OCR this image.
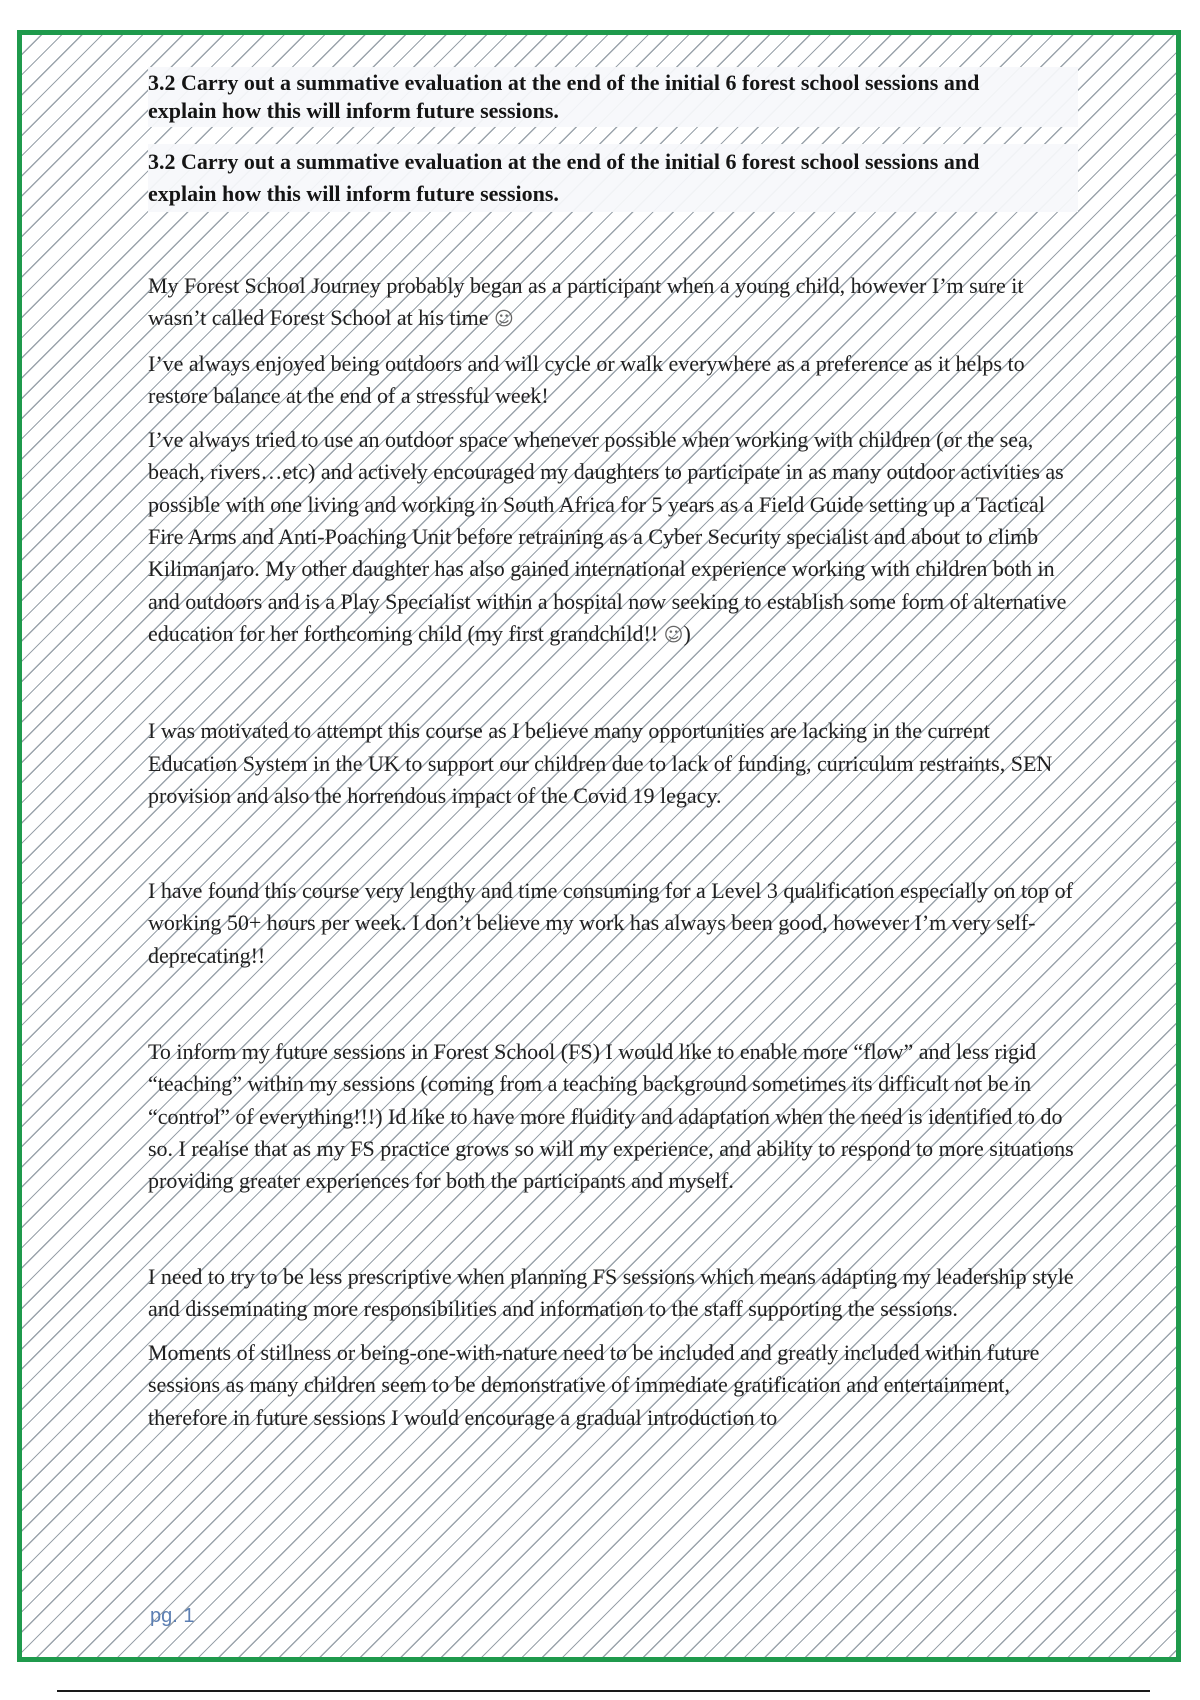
3.2 Carry out a summative evaluation at the end of the initial 6 forest school sessions and explain how this will inform future sessions.

3.2 Carry out a summative evaluation at the end of the initial 6 forest school sessions and explain how this will inform future sessions.

My Forest School Journey probably began as a participant when a young child, however I’m sure it wasn’t called Forest School at his time ☺

I’ve always enjoyed being outdoors and will cycle or walk everywhere as a preference as it helps to restore balance at the end of a stressful week!

I’ve always tried to use an outdoor space whenever possible when working with children (or the sea, beach, rivers…etc) and actively encouraged my daughters to participate in as many outdoor activities as possible with one living and working in South Africa for 5 years as a Field Guide setting up a Tactical Fire Arms and Anti-Poaching Unit before retraining as a Cyber Security specialist and about to climb Kilimanjaro. My other daughter has also gained international experience working with children both in and outdoors and is a Play Specialist within a hospital now seeking to establish some form of alternative education for her forthcoming child (my first grandchild!! ☺)

I was motivated to attempt this course as I believe many opportunities are lacking in the current Education System in the UK to support our children due to lack of funding, curriculum restraints, SEN provision and also the horrendous impact of the Covid 19 legacy.

I have found this course very lengthy and time consuming for a Level 3 qualification especially on top of working 50+ hours per week. I don’t believe my work has always been good, however I’m very self-deprecating!!

To inform my future sessions in Forest School (FS) I would like to enable more “flow” and less rigid “teaching” within my sessions (coming from a teaching background sometimes its difficult not be in “control” of everything!!!) Id like to have more fluidity and adaptation when the need is identified to do so. I realise that as my FS practice grows so will my experience, and ability to respond to more situations providing greater experiences for both the participants and myself.

I need to try to be less prescriptive when planning FS sessions which means adapting my leadership style and disseminating more responsibilities and information to the staff supporting the sessions.

Moments of stillness or being-one-with-nature need to be included and greatly included within future sessions as many children seem to be demonstrative of immediate gratification and entertainment, therefore in future sessions I would encourage a gradual introduction to

pg. 1
